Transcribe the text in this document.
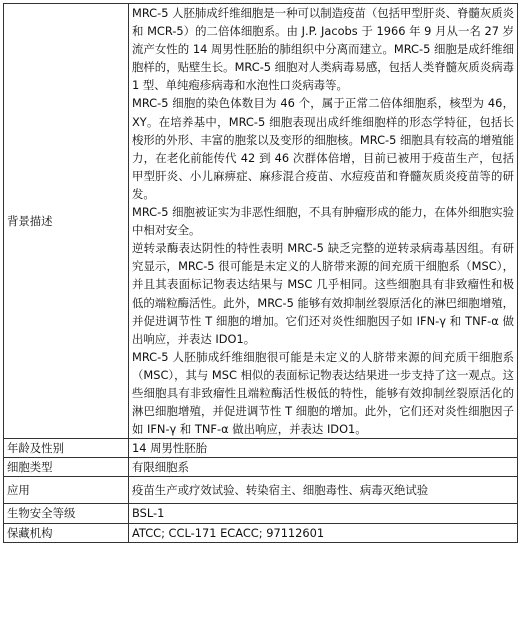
背景描述	MRC-5 人胚肺成纤维细胞是一种可以制造疫苗（包括甲型肝炎、脊髓灰质炎和 MCR-5）的二倍体细胞系。由 J.P. Jacobs 于 1966 年 9 月从一名 27 岁流产女性的 14 周男性胚胎的肺组织中分离而建立。MRC-5 细胞是成纤维细胞样的，贴壁生长。MRC-5 细胞对人类病毒易感，包括人类脊髓灰质炎病毒 1 型、单纯疱疹病毒和水泡性口炎病毒等。
MRC-5 细胞的染色体数目为 46 个，属于正常二倍体细胞系，核型为 46，XY。在培养基中，MRC-5 细胞表现出成纤维细胞样的形态学特征，包括长梭形的外形、丰富的胞浆以及变形的细胞核。MRC-5 细胞具有较高的增殖能力，在老化前能传代 42 到 46 次群体倍增，目前已被用于疫苗生产，包括甲型肝炎、小儿麻痹症、麻疹混合疫苗、水痘疫苗和脊髓灰质炎疫苗等的研发。
MRC-5 细胞被证实为非恶性细胞，不具有肿瘤形成的能力，在体外细胞实验中相对安全。
逆转录酶表达阴性的特性表明 MRC-5 缺乏完整的逆转录病毒基因组。有研究显示，MRC-5 很可能是未定义的人脐带来源的间充质干细胞系（MSC），并且其表面标记物表达结果与 MSC 几乎相同。这些细胞具有非致瘤性和极低的端粒酶活性。此外，MRC-5 能够有效抑制丝裂原活化的淋巴细胞增殖，并促进调节性 T 细胞的增加。它们还对炎性细胞因子如 IFN-γ 和 TNF-α 做出响应，并表达 IDO1。
MRC-5 人胚肺成纤维细胞很可能是未定义的人脐带来源的间充质干细胞系（MSC），其与 MSC 相似的表面标记物表达结果进一步支持了这一观点。这些细胞具有非致瘤性且端粒酶活性极低的特性，能够有效抑制丝裂原活化的淋巴细胞增殖，并促进调节性 T 细胞的增加。此外，它们还对炎性细胞因子如 IFN-γ 和 TNF-α 做出响应，并表达 IDO1。

年龄及性别	14 周男性胚胎
细胞类型	有限细胞系
应用	疫苗生产或疗效试验、转染宿主、细胞毒性、病毒灭绝试验
生物安全等级	BSL-1
保藏机构	ATCC; CCL-171 ECACC; 97112601
